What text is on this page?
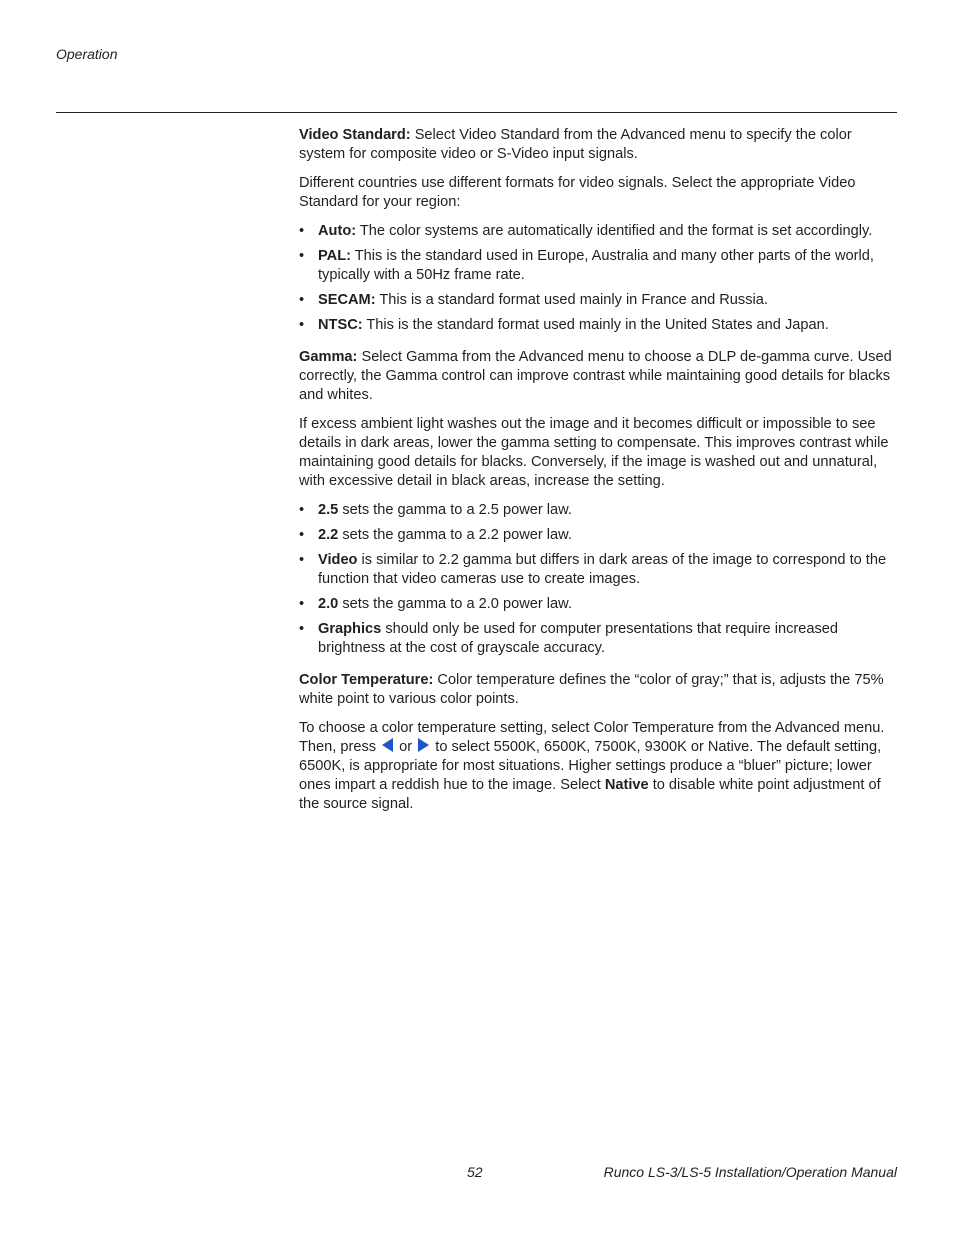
Operation

Video Standard: Select Video Standard from the Advanced menu to specify the color system for composite video or S-Video input signals.

Different countries use different formats for video signals. Select the appropriate Video Standard for your region:

• Auto: The color systems are automatically identified and the format is set accordingly.
• PAL: This is the standard used in Europe, Australia and many other parts of the world, typically with a 50Hz frame rate.
• SECAM: This is a standard format used mainly in France and Russia.
• NTSC: This is the standard format used mainly in the United States and Japan.

Gamma: Select Gamma from the Advanced menu to choose a DLP de-gamma curve. Used correctly, the Gamma control can improve contrast while maintaining good details for blacks and whites.

If excess ambient light washes out the image and it becomes difficult or impossible to see details in dark areas, lower the gamma setting to compensate. This improves contrast while maintaining good details for blacks. Conversely, if the image is washed out and unnatural, with excessive detail in black areas, increase the setting.

• 2.5 sets the gamma to a 2.5 power law.
• 2.2 sets the gamma to a 2.2 power law.
• Video is similar to 2.2 gamma but differs in dark areas of the image to correspond to the function that video cameras use to create images.
• 2.0 sets the gamma to a 2.0 power law.
• Graphics should only be used for computer presentations that require increased brightness at the cost of grayscale accuracy.

Color Temperature: Color temperature defines the “color of gray;” that is, adjusts the 75% white point to various color points.

To choose a color temperature setting, select Color Temperature from the Advanced menu. Then, press  or  to select 5500K, 6500K, 7500K, 9300K or Native. The default setting, 6500K, is appropriate for most situations. Higher settings produce a “bluer” picture; lower ones impart a reddish hue to the image. Select Native to disable white point adjustment of the source signal.

52	Runco LS-3/LS-5 Installation/Operation Manual
